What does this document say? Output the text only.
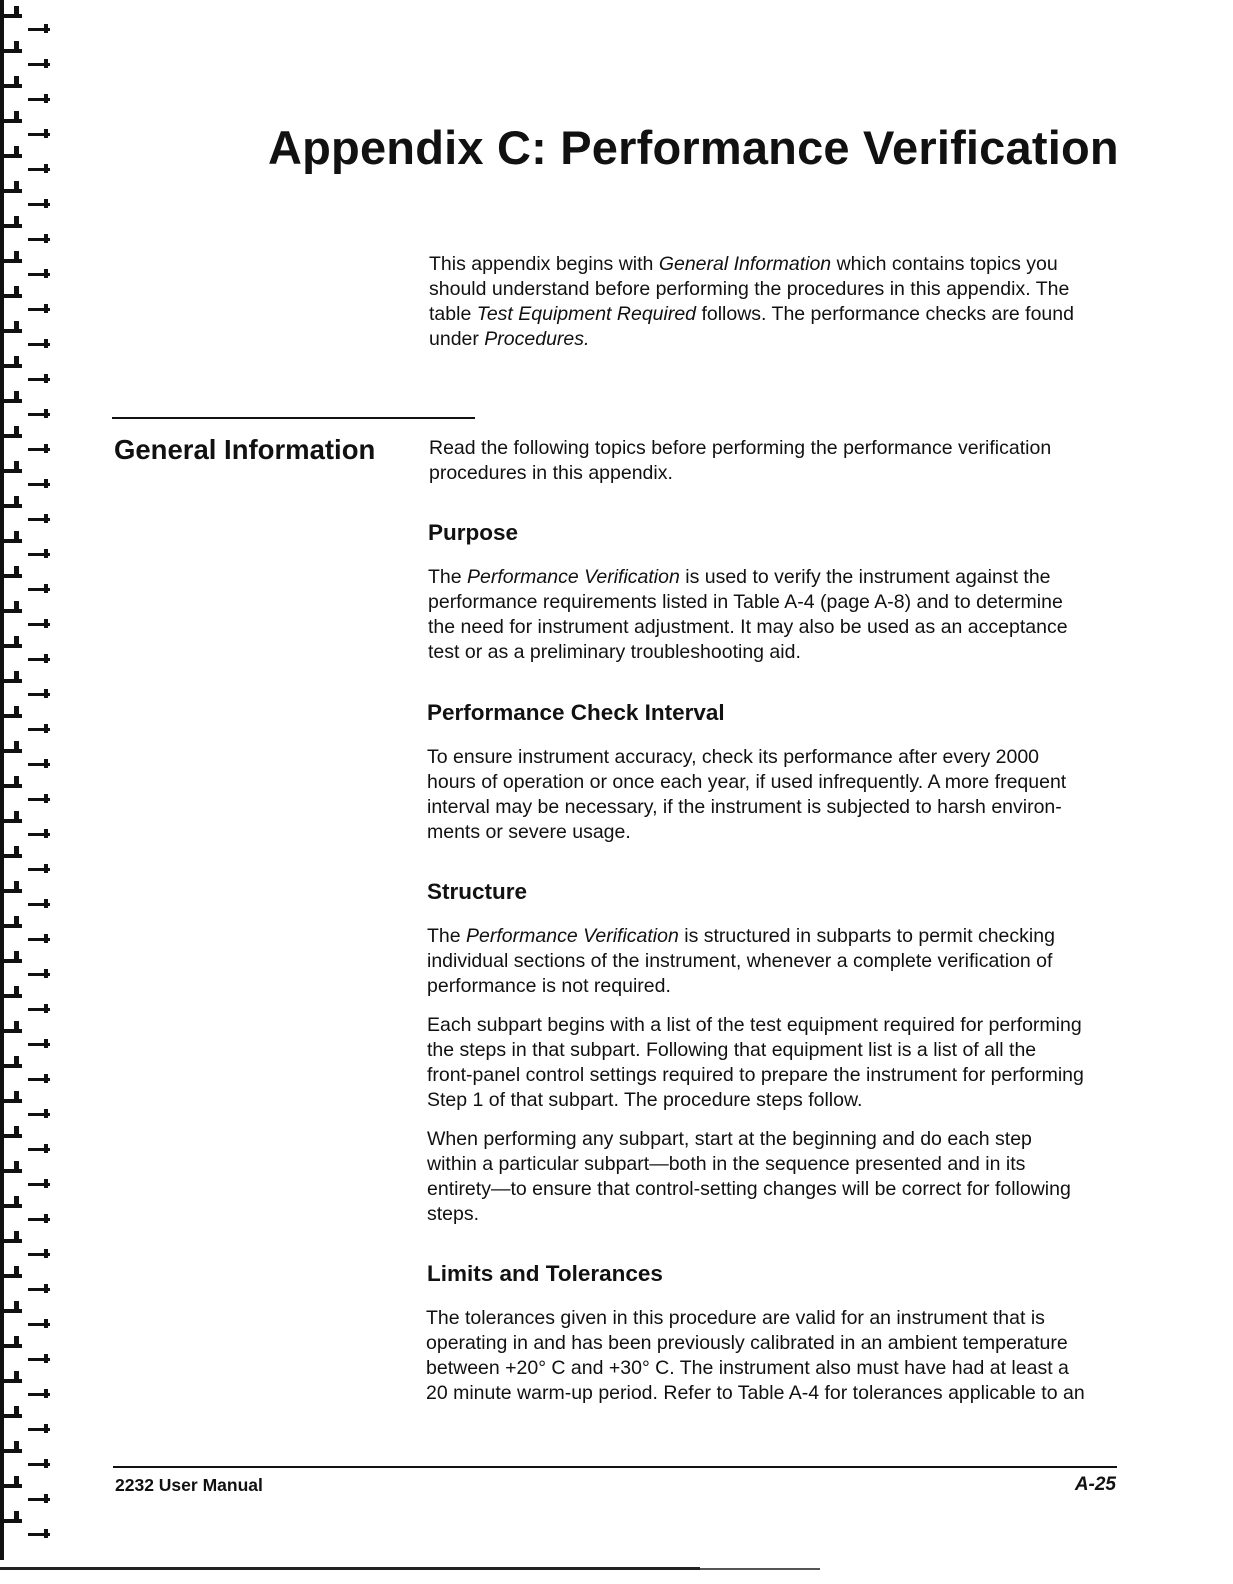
Appendix C: Performance Verification
This appendix begins with General Information which contains topics you
should understand before performing the procedures in this appendix. The
table Test Equipment Required follows. The performance checks are found
under Procedures.
General Information	Read the following topics before performing the performance verification
procedures in this appendix.
Purpose
The Performance Verification is used to verify the instrument against the
performance requirements listed in Table A-4 (page A-8) and to determine
the need for instrument adjustment. It may also be used as an acceptance
test or as a preliminary troubleshooting aid.
Performance Check Interval
To ensure instrument accuracy, check its performance after every 2000
hours of operation or once each year, if used infrequently. A more frequent
interval may be necessary, if the instrument is subjected to harsh environ-
ments or severe usage.
Structure
The Performance Verification is structured in subparts to permit checking
individual sections of the instrument, whenever a complete verification of
performance is not required.
Each subpart begins with a list of the test equipment required for performing
the steps in that subpart. Following that equipment list is a list of all the
front-panel control settings required to prepare the instrument for performing
Step 1 of that subpart. The procedure steps follow.
When performing any subpart, start at the beginning and do each step
within a particular subpart—both in the sequence presented and in its
entirety—to ensure that control-setting changes will be correct for following
steps.
Limits and Tolerances
The tolerances given in this procedure are valid for an instrument that is
operating in and has been previously calibrated in an ambient temperature
between +20° C and +30° C. The instrument also must have had at least a
20 minute warm-up period. Refer to Table A-4 for tolerances applicable to an
2232 User Manual	A-25
